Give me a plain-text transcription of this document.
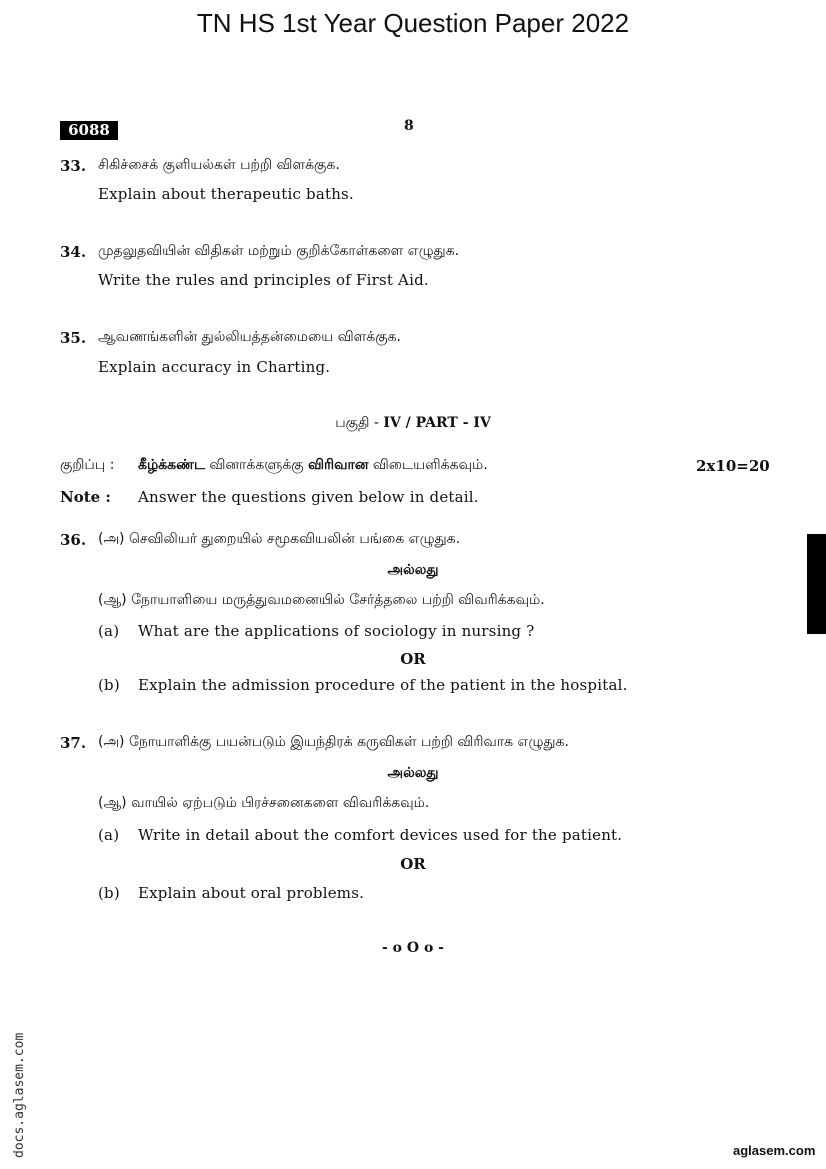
TN HS 1st Year Question Paper 2022
6088	8
33. சிகிச்சைக் குளியல்கள் பற்றி விளக்குக.
Explain about therapeutic baths.
34. முதலுதவியின் விதிகள் மற்றும் குறிக்கோள்களை எழுதுக.
Write the rules and principles of First Aid.
35. ஆவணங்களின் துல்லியத்தன்மையை விளக்குக.
Explain accuracy in Charting.
பகுதி - IV / PART - IV
குறிப்பு : கீழ்க்கண்ட வினாக்களுக்கு விரிவான விடையளிக்கவும்.	2x10=20
Note : Answer the questions given below in detail.
36. (அ) செவிலியர் துறையில் சமூகவியலின் பங்கை எழுதுக.
அல்லது
(ஆ) நோயாளியை மருத்துவமனையில் சேர்த்தலை பற்றி விவரிக்கவும்.
(a) What are the applications of sociology in nursing ?
OR
(b) Explain the admission procedure of the patient in the hospital.
37. (அ) நோயாளிக்கு பயன்படும் இயந்திரக் கருவிகள் பற்றி விரிவாக எழுதுக.
அல்லது
(ஆ) வாயில் ஏற்படும் பிரச்சனைகளை விவரிக்கவும்.
(a) Write in detail about the comfort devices used for the patient.
OR
(b) Explain about oral problems.
- o O o -
docs.aglasem.com	aglasem.com
